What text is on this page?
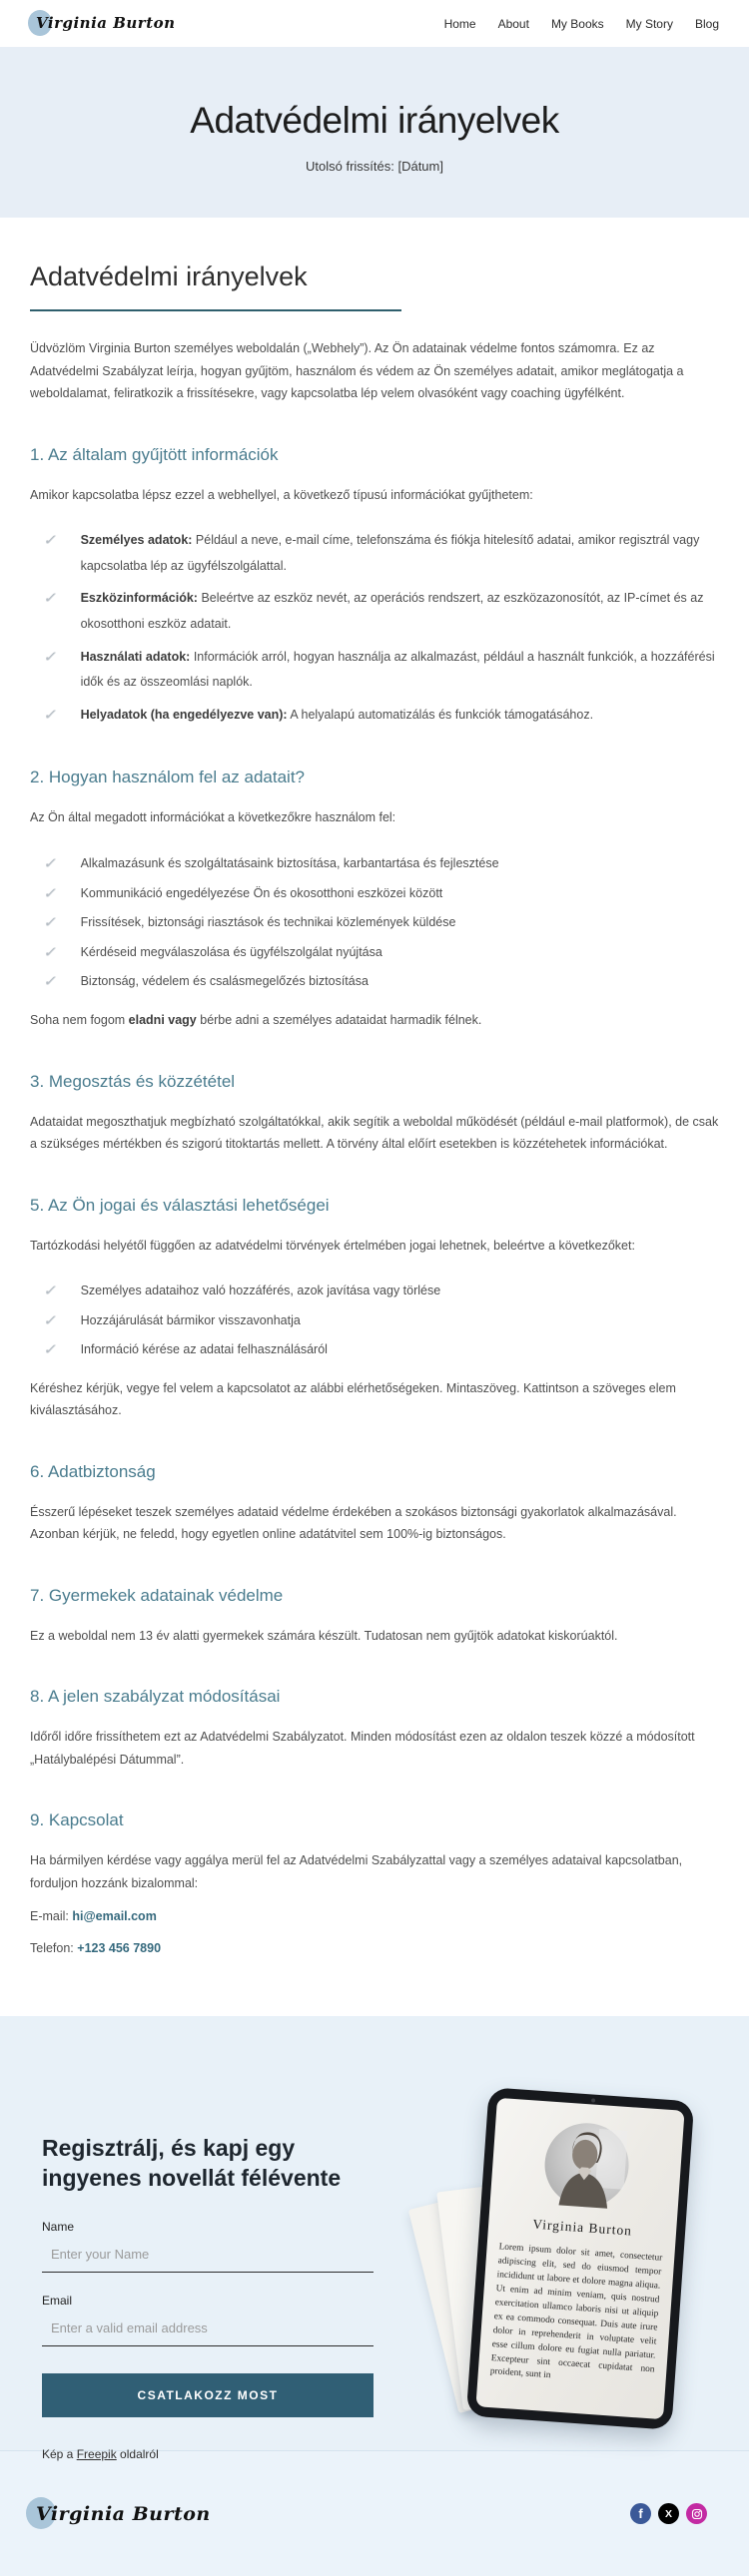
Virginia Burton	Home About My Books My Story Blog
Adatvédelmi irányelvek

Utolsó frissítés: [Dátum]

Adatvédelmi irányelvek

Üdvözlöm Virginia Burton személyes weboldalán („Webhely”). Az Ön adatainak védelme fontos számomra. Ez az Adatvédelmi Szabályzat leírja, hogyan gyűjtöm, használom és védem az Ön személyes adatait, amikor meglátogatja a weboldalamat, feliratkozik a frissítésekre, vagy kapcsolatba lép velem olvasóként vagy coaching ügyfélként.

1. Az általam gyűjtött információk

Amikor kapcsolatba lépsz ezzel a webhellyel, a következő típusú információkat gyűjthetem:

✓ Személyes adatok: Például a neve, e-mail címe, telefonszáma és fiókja hitelesítő adatai, amikor regisztrál vagy kapcsolatba lép az ügyfélszolgálattal.
✓ Eszközinformációk: Beleértve az eszköz nevét, az operációs rendszert, az eszközazonosítót, az IP-címet és az okosotthoni eszköz adatait.
✓ Használati adatok: Információk arról, hogyan használja az alkalmazást, például a használt funkciók, a hozzáférési idők és az összeomlási naplók.
✓ Helyadatok (ha engedélyezve van): A helyalapú automatizálás és funkciók támogatásához.
2. Hogyan használom fel az adatait?

Az Ön által megadott információkat a következőkre használom fel:

✓ Alkalmazásunk és szolgáltatásaink biztosítása, karbantartása és fejlesztése
✓ Kommunikáció engedélyezése Ön és okosotthoni eszközei között
✓ Frissítések, biztonsági riasztások és technikai közlemények küldése
✓ Kérdéseid megválaszolása és ügyfélszolgálat nyújtása
✓ Biztonság, védelem és csalásmegelőzés biztosítása

Soha nem fogom eladni vagy bérbe adni a személyes adataidat harmadik félnek.

3. Megosztás és közzététel

Adataidat megoszthatjuk megbízható szolgáltatókkal, akik segítik a weboldal működését (például e-mail platformok), de csak a szükséges mértékben és szigorú titoktartás mellett. A törvény által előírt esetekben is közzétehetek információkat.

5. Az Ön jogai és választási lehetőségei

Tartózkodási helyétől függően az adatvédelmi törvények értelmében jogai lehetnek, beleértve a következőket:

✓ Személyes adataihoz való hozzáférés, azok javítása vagy törlése
✓ Hozzájárulását bármikor visszavonhatja
✓ Információ kérése az adatai felhasználásáról

Kéréshez kérjük, vegye fel velem a kapcsolatot az alábbi elérhetőségeken. Mintaszöveg. Kattintson a szöveges elem kiválasztásához.

6. Adatbiztonság

Ésszerű lépéseket teszek személyes adataid védelme érdekében a szokásos biztonsági gyakorlatok alkalmazásával. Azonban kérjük, ne feledd, hogy egyetlen online adatátvitel sem 100%-ig biztonságos.

7. Gyermekek adatainak védelme

Ez a weboldal nem 13 év alatti gyermekek számára készült. Tudatosan nem gyűjtök adatokat kiskorúaktól.

8. A jelen szabályzat módosításai

Időről időre frissíthetem ezt az Adatvédelmi Szabályzatot. Minden módosítást ezen az oldalon teszek közzé a módosított „Hatálybalépési Dátummal”.

9. Kapcsolat

Ha bármilyen kérdése vagy aggálya merül fel az Adatvédelmi Szabályzattal vagy a személyes adataival kapcsolatban, forduljon hozzánk bizalommal:

E-mail: hi@email.com

Telefon: +123 456 7890

Regisztrálj, és kapj egy ingyenes novellát félévente
Name
Enter your Name
Email
Enter a valid email address CSATLAKOZZ MOST

Kép a Freepik oldalról

Virginia Burton
Lorem ipsum dolor sit amet, consectetur adipiscing elit, sed do eiusmod tempor incididunt ut labore et dolore magna aliqua. Ut enim ad minim veniam, quis nostrud exercitation ullamco laboris nisi ut aliquip ex ea commodo consequat. Duis aute irure dolor in reprehenderit in voluptate velit esse cillum dolore eu fugiat nulla pariatur. Excepteur sint occaecat cupidatat non proident, sunt in
Virginia Burton	f X
